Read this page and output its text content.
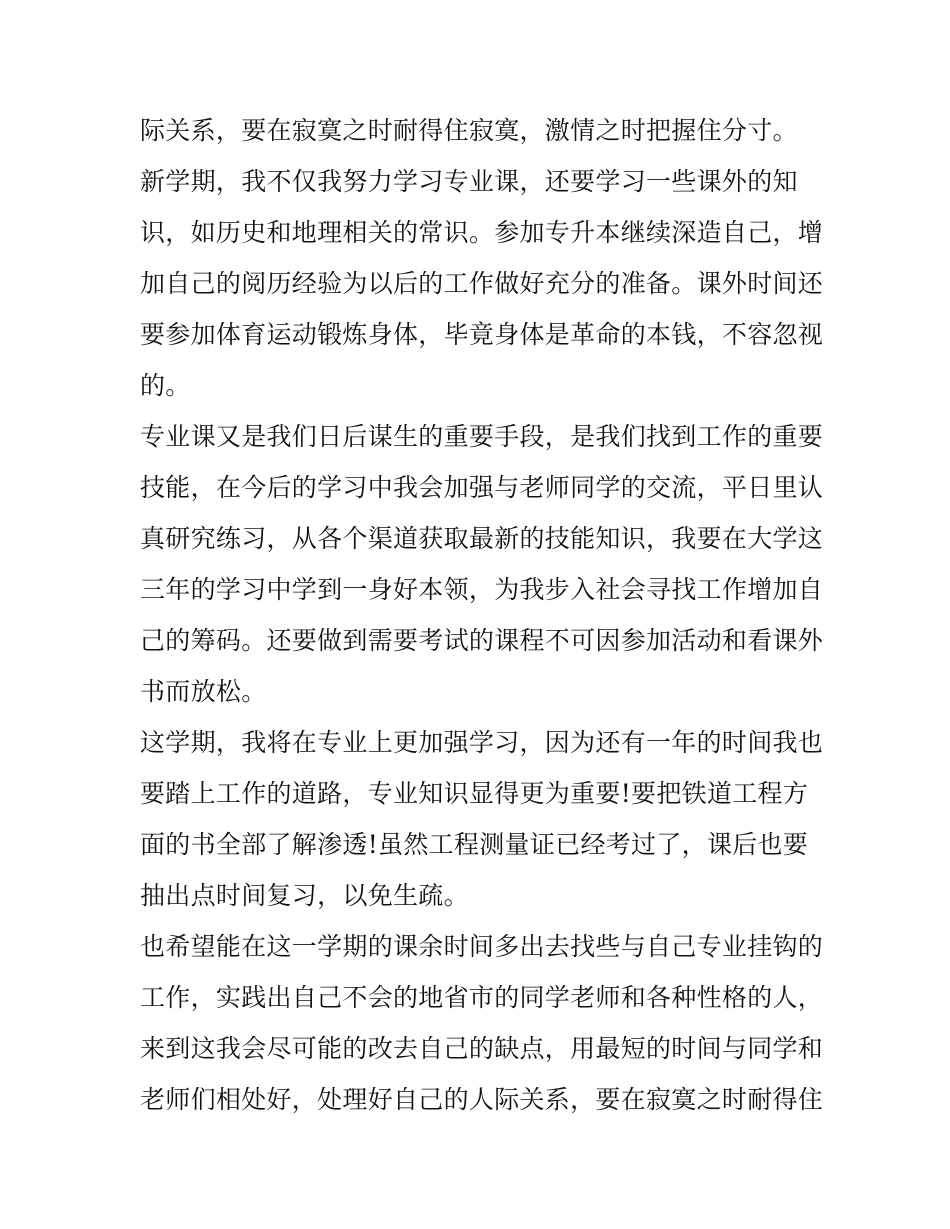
际关系，要在寂寞之时耐得住寂寞，激情之时把握住分寸。
新学期，我不仅我努力学习专业课，还要学习一些课外的知
识，如历史和地理相关的常识。参加专升本继续深造自己，增
加自己的阅历经验为以后的工作做好充分的准备。课外时间还
要参加体育运动锻炼身体，毕竟身体是革命的本钱，不容忽视
的。
专业课又是我们日后谋生的重要手段，是我们找到工作的重要
技能，在今后的学习中我会加强与老师同学的交流，平日里认
真研究练习，从各个渠道获取最新的技能知识，我要在大学这
三年的学习中学到一身好本领，为我步入社会寻找工作增加自
己的筹码。还要做到需要考试的课程不可因参加活动和看课外
书而放松。
这学期，我将在专业上更加强学习，因为还有一年的时间我也
要踏上工作的道路，专业知识显得更为重要!要把铁道工程方
面的书全部了解渗透!虽然工程测量证已经考过了，课后也要
抽出点时间复习，以免生疏。
也希望能在这一学期的课余时间多出去找些与自己专业挂钩的
工作，实践出自己不会的地省市的同学老师和各种性格的人，
来到这我会尽可能的改去自己的缺点，用最短的时间与同学和
老师们相处好，处理好自己的人际关系，要在寂寞之时耐得住
